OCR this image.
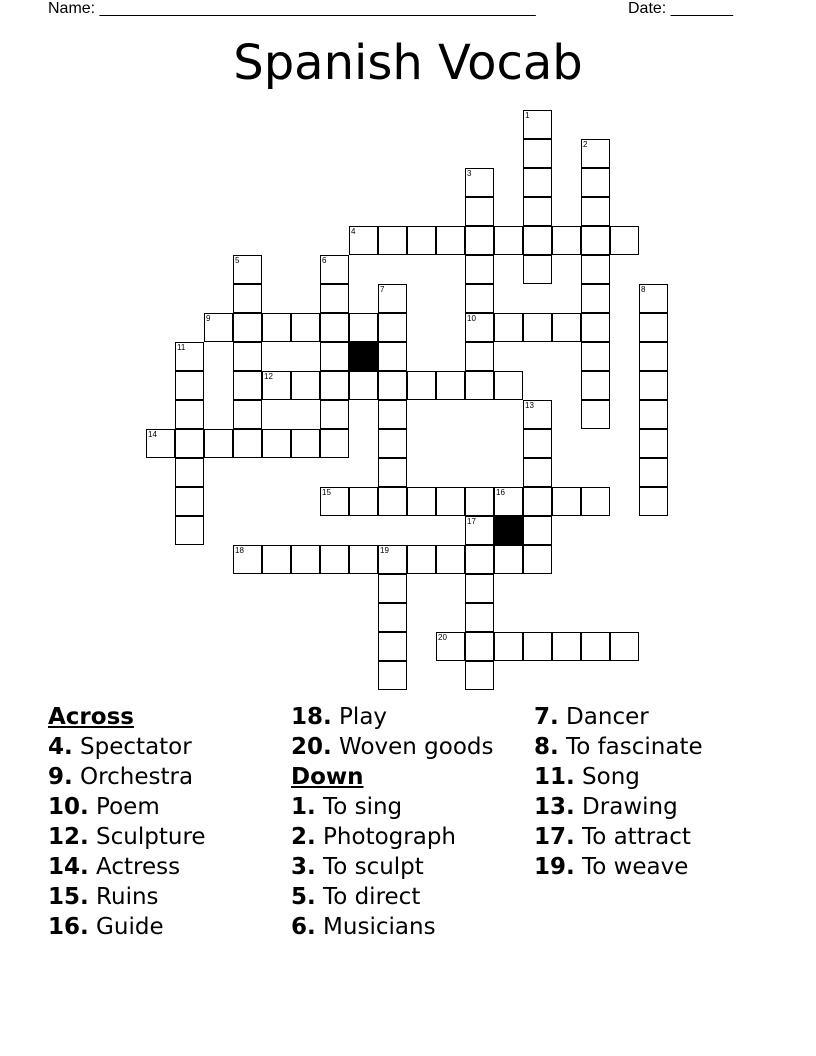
Name: _________________________________________________	Date: _______
Spanish Vocab
1
2
3
4
5	6
7	8
9	10
11
12
13
14
15	16
17
18	19
20
Across
4. Spectator
9. Orchestra
10. Poem
12. Sculpture
14. Actress
15. Ruins
16. Guide
18. Play
20. Woven goods
Down
1. To sing
2. Photograph
3. To sculpt
5. To direct
6. Musicians
7. Dancer
8. To fascinate
11. Song
13. Drawing
17. To attract
19. To weave
